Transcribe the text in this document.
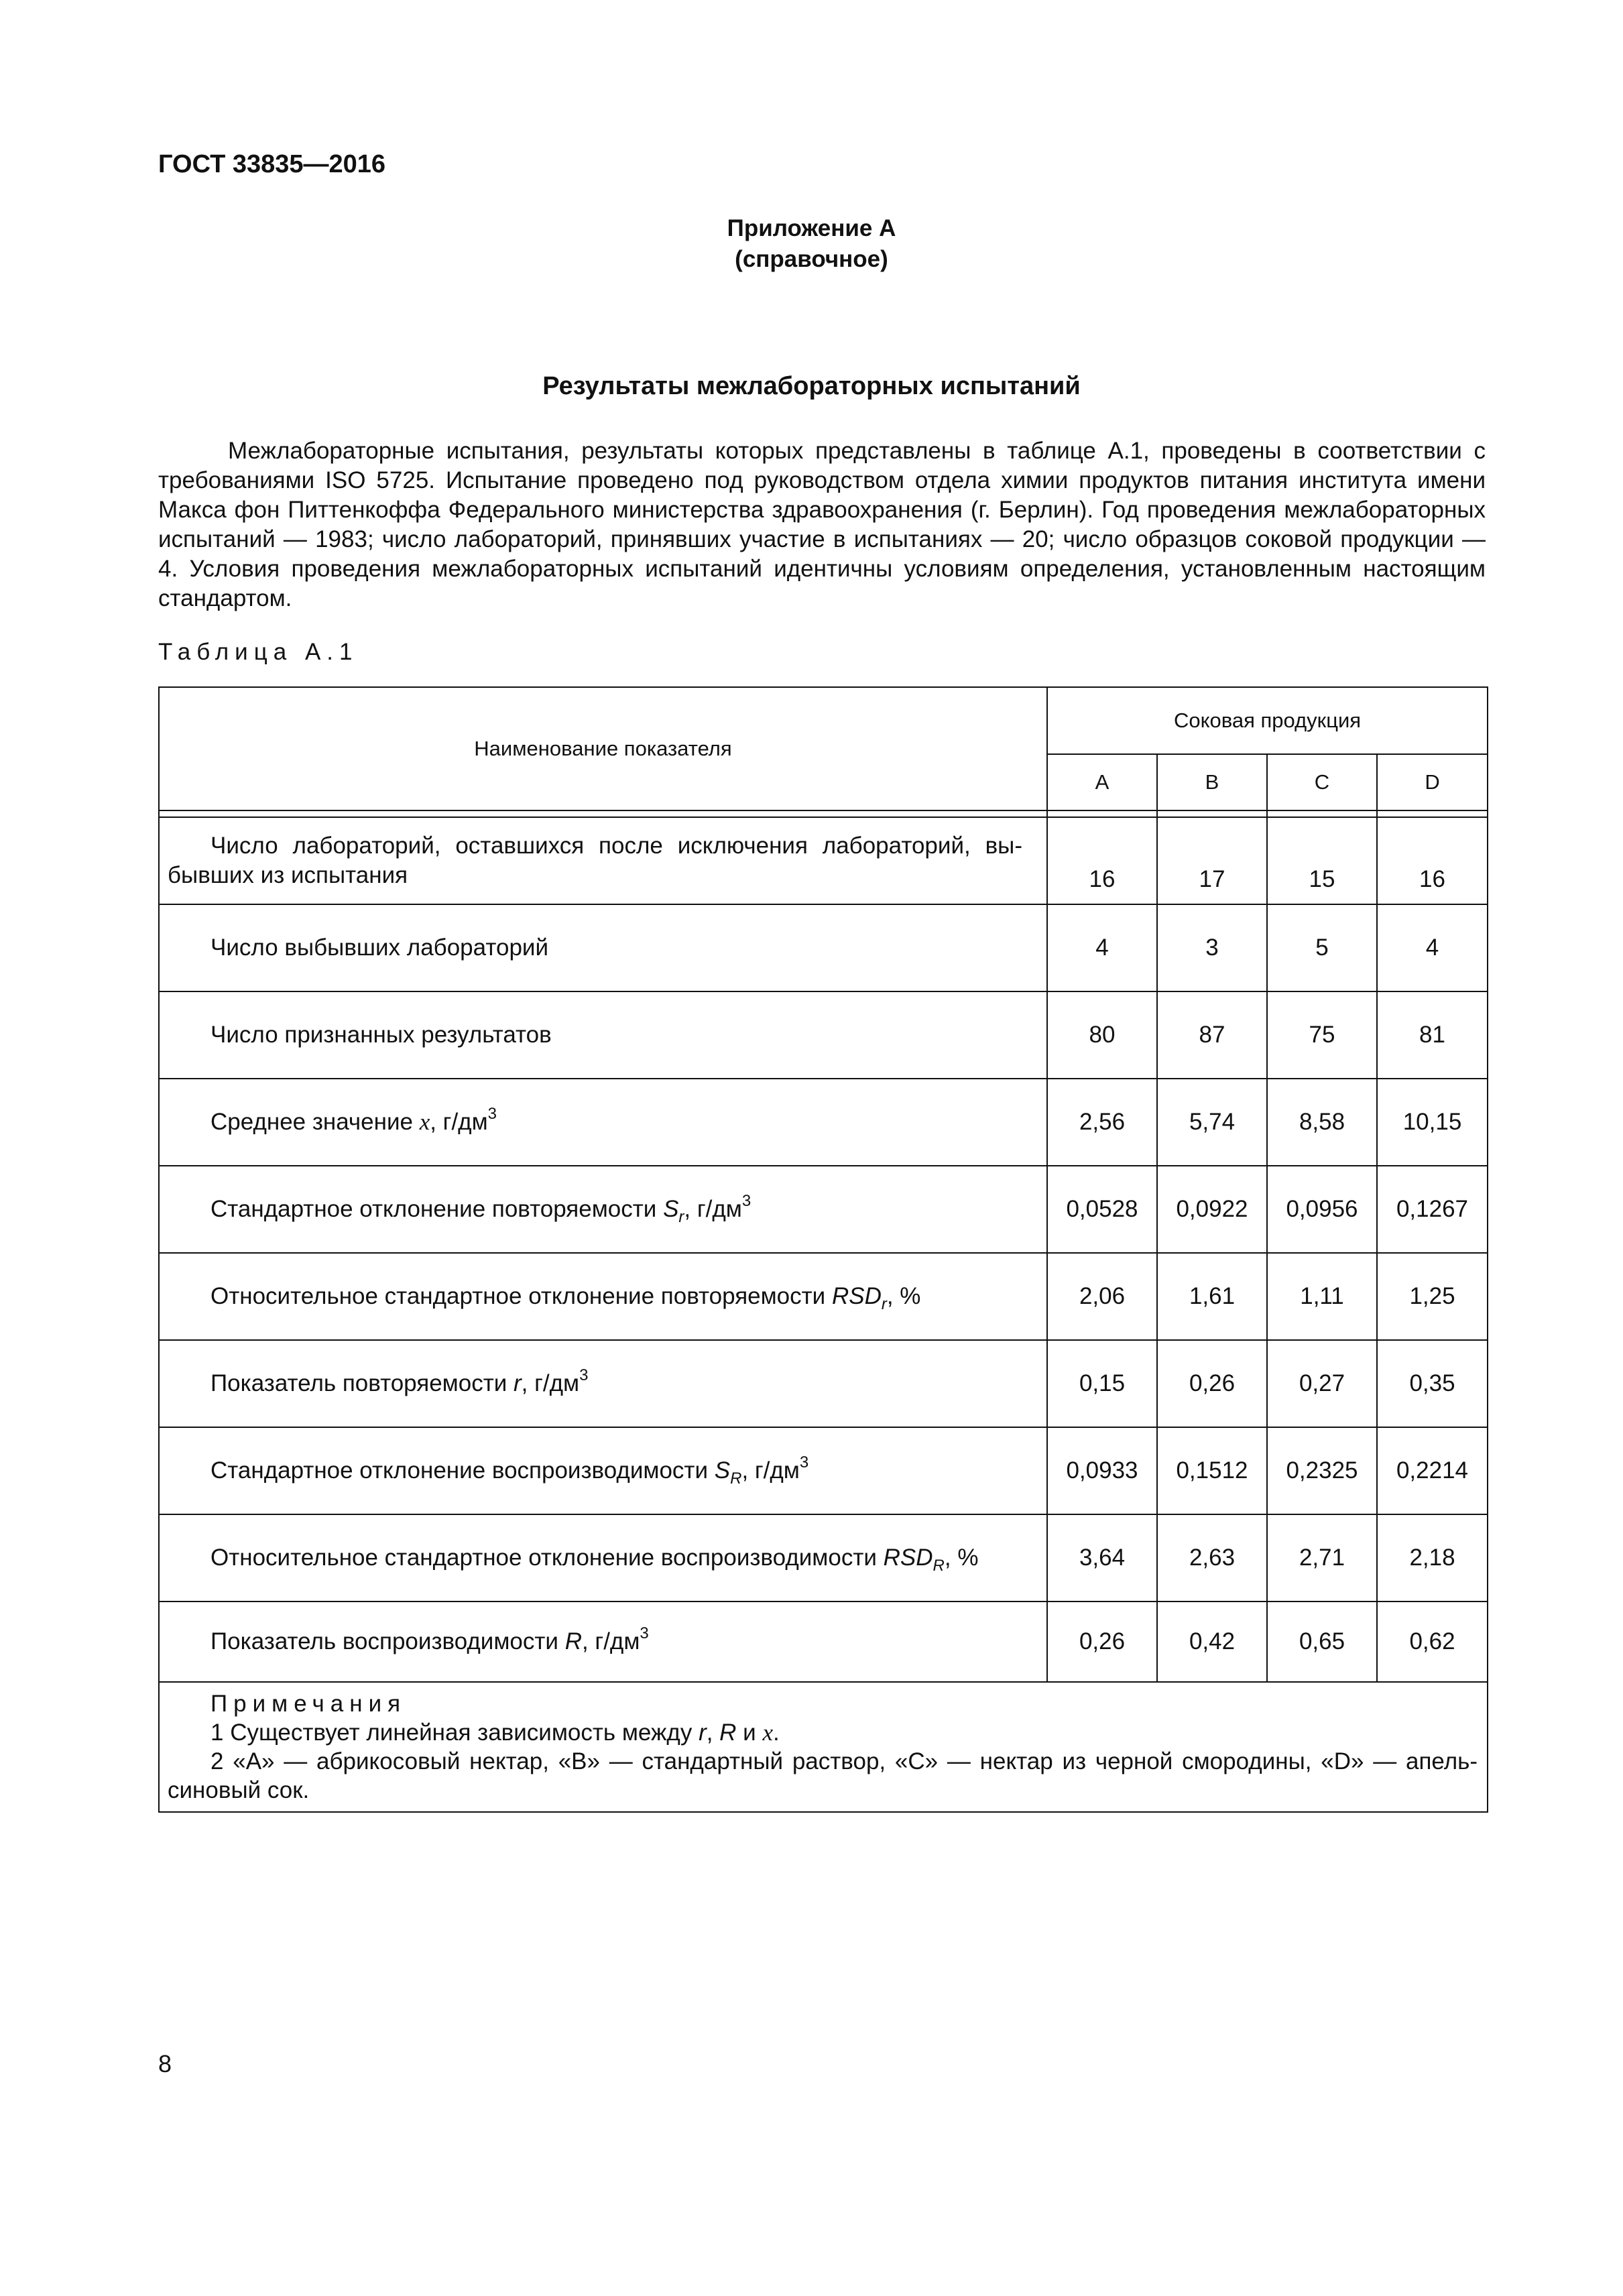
ГОСТ 33835—2016
Приложение А
(справочное)
Результаты межлабораторных испытаний
Межлабораторные испытания, результаты которых представлены в таблице А.1, проведены в соответствии с требованиями ISO 5725. Испытание проведено под руководством отдела химии продуктов питания института имени Макса фон Питтенкоффа Федерального министерства здравоохранения (г. Берлин). Год проведения межлабораторных испытаний — 1983; число лабораторий, принявших участие в испытаниях — 20; число образцов соковой продукции — 4. Условия проведения межлабораторных испытаний идентичны условиям определения, установленным настоящим стандартом.
Таблица А.1
Наименование показателя	Соковая продукция			
	A	B	C	D

Число лабораторий, оставшихся после исключения лабораторий, выбывших из испытания	16	17	15	16
Число выбывших лабораторий	4	3	5	4
Число признанных результатов	80	87	75	81
Среднее значение x, $г/дм^3$	2,56	5,74	8,58	10,15
Стандартное отклонение повторяемости $S_r$, $г/дм^3$	0,0528	0,0922	0,0956	0,1267
Относительное стандартное отклонение повторяемости $RSD_r$, %	2,06	1,61	1,11	1,25
Показатель повторяемости r, $г/дм^3$	0,15	0,26	0,27	0,35
Стандартное отклонение воспроизводимости $S_R$, $г/дм^3$	0,0933	0,1512	0,2325	0,2214
Относительное стандартное отклонение воспроизводимости $RSD_R$, %	3,64	2,63	2,71	2,18
Показатель воспроизводимости R, $г/дм^3$	0,26	0,42	0,65	0,62

Примечания

1 Существует линейная зависимость между r, R и x.

2 «A» — абрикосовый нектар, «B» — стандартный раствор, «C» — нектар из черной смородины, «D» — апельсиновый сок.				

8
